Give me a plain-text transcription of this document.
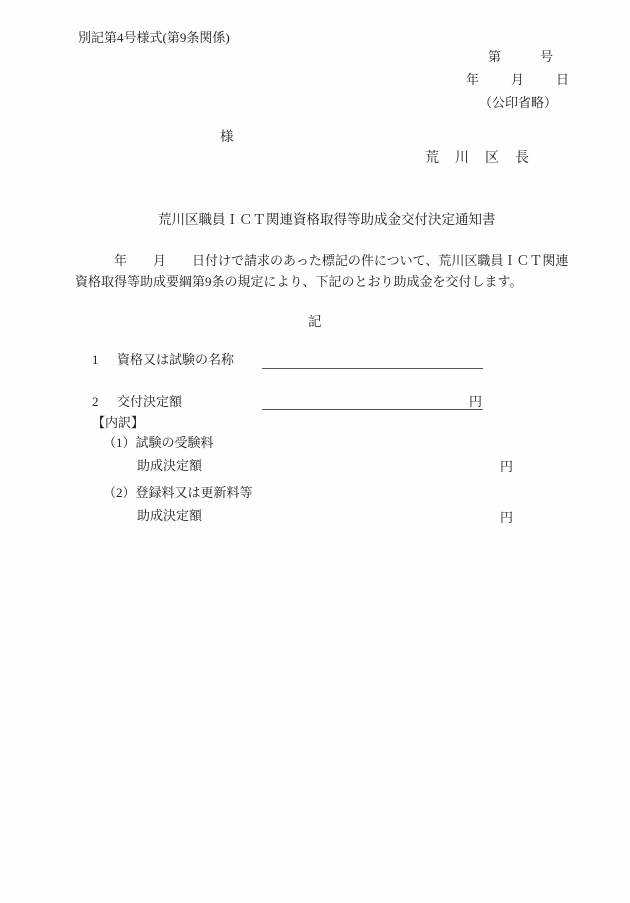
別記第4号様式(第9条関係)
第　　　号
年　　月　　日
（公印省略）
様
荒　川　区　長
荒川区職員ＩＣＴ関連資格取得等助成金交付決定通知書
　　　年　　月　　日付けで請求のあった標記の件について、荒川区職員ＩＣＴ関連
資格取得等助成要綱第9条の規定により、下記のとおり助成金を交付します。
記
1 資格又は試験の名称
2 交付決定額	円
【内訳】
（1）試験の受験料
助成決定額	円
（2）登録料又は更新料等
助成決定額	円
